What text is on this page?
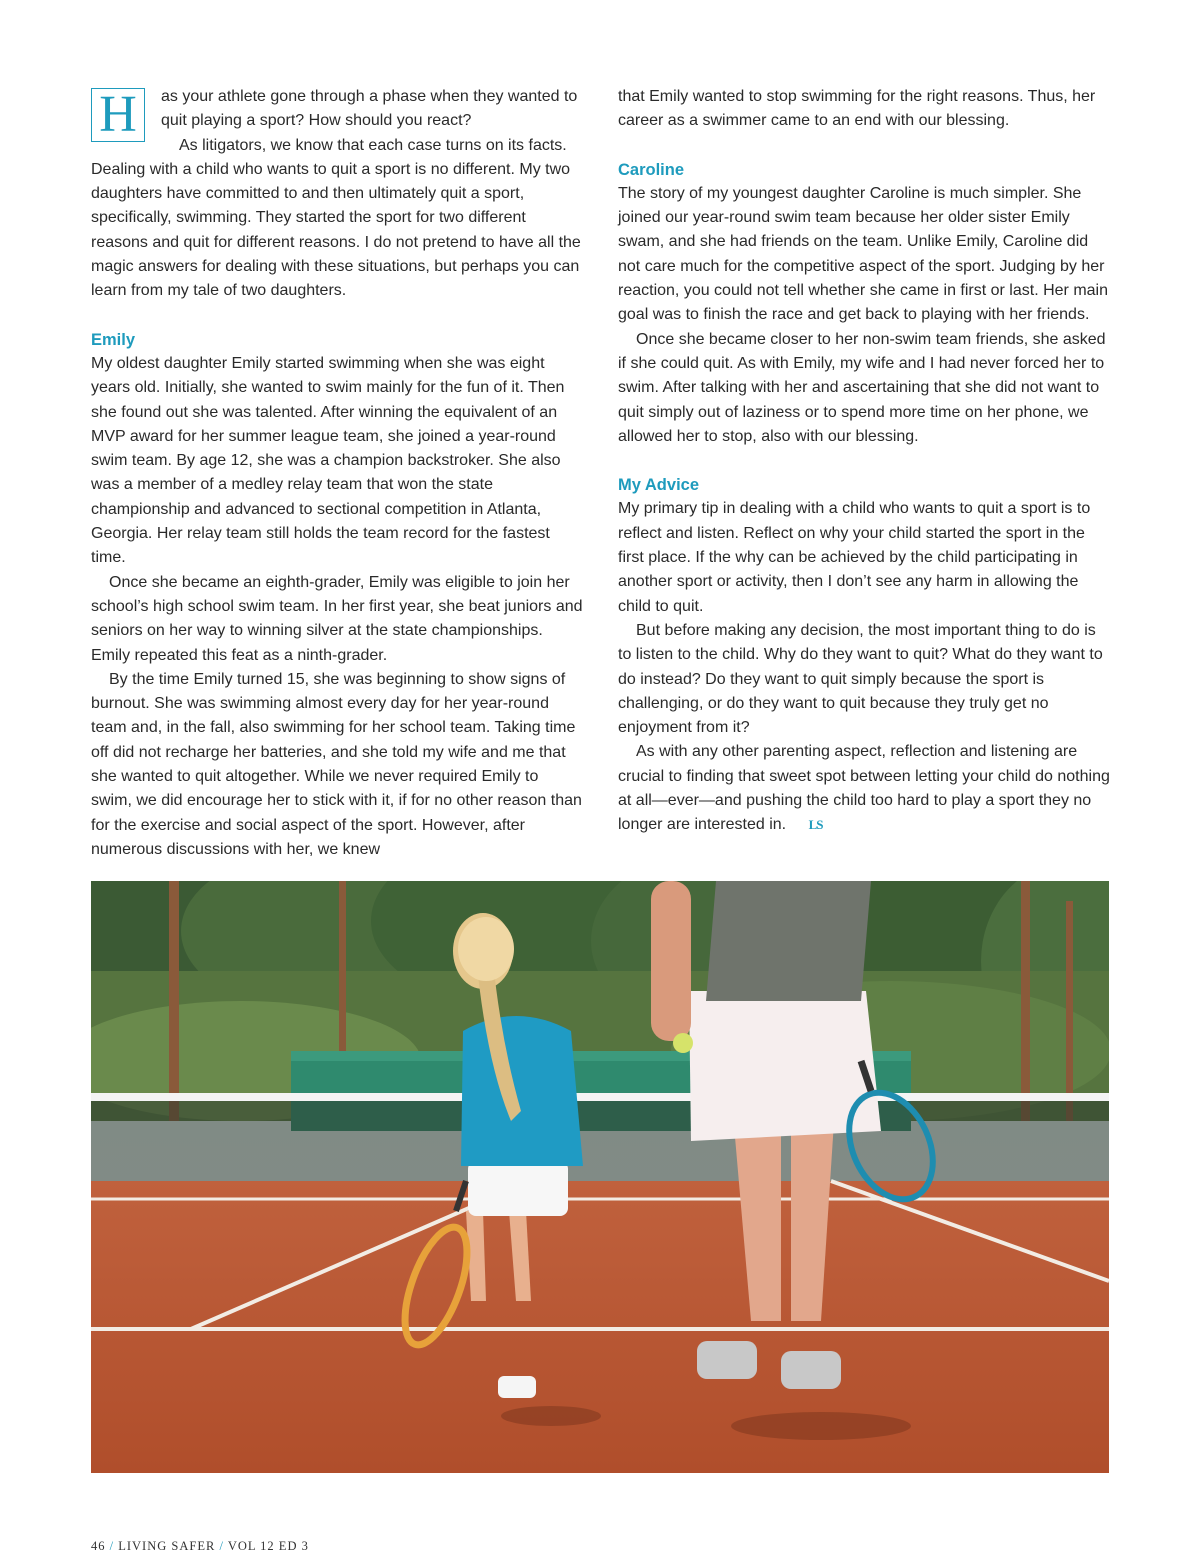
H	as your athlete gone through a phase when they wanted to quit playing a sport? How should you react?

As litigators, we know that each case turns on its facts. Dealing with a child who wants to quit a sport is no different. My two daughters have committed to and then ultimately quit a sport, specifically, swimming. They started the sport for two different reasons and quit for different reasons. I do not pretend to have all the magic answers for dealing with these situations, but perhaps you can learn from my tale of two daughters.

Emily

My oldest daughter Emily started swimming when she was eight years old. Initially, she wanted to swim mainly for the fun of it. Then she found out she was talented. After winning the equivalent of an MVP award for her summer league team, she joined a year-round swim team. By age 12, she was a champion backstroker. She also was a member of a medley relay team that won the state championship and advanced to sectional competition in Atlanta, Georgia. Her relay team still holds the team record for the fastest time.

Once she became an eighth-grader, Emily was eligible to join her school’s high school swim team. In her first year, she beat juniors and seniors on her way to winning silver at the state championships. Emily repeated this feat as a ninth-grader.

By the time Emily turned 15, she was beginning to show signs of burnout. She was swimming almost every day for her year-round team and, in the fall, also swimming for her school team. Taking time off did not recharge her batteries, and she told my wife and me that she wanted to quit altogether. While we never required Emily to swim, we did encourage her to stick with it, if for no other reason than for the exercise and social aspect of the sport. However, after numerous discussions with her, we knew

that Emily wanted to stop swimming for the right reasons. Thus, her career as a swimmer came to an end with our blessing.

Caroline

The story of my youngest daughter Caroline is much simpler. She joined our year-round swim team because her older sister Emily swam, and she had friends on the team. Unlike Emily, Caroline did not care much for the competitive aspect of the sport. Judging by her reaction, you could not tell whether she came in first or last. Her main goal was to finish the race and get back to playing with her friends.

Once she became closer to her non-swim team friends, she asked if she could quit. As with Emily, my wife and I had never forced her to swim. After talking with her and ascertaining that she did not want to quit simply out of laziness or to spend more time on her phone, we allowed her to stop, also with our blessing.

My Advice

My primary tip in dealing with a child who wants to quit a sport is to reflect and listen. Reflect on why your child started the sport in the first place. If the why can be achieved by the child participating in another sport or activity, then I don’t see any harm in allowing the child to quit.

But before making any decision, the most important thing to do is to listen to the child. Why do they want to quit? What do they want to do instead? Do they want to quit simply because the sport is challenging, or do they want to quit because they truly get no enjoyment from it?

As with any other parenting aspect, reflection and listening are crucial to finding that sweet spot between letting your child do nothing at all—ever—and pushing the child too hard to play a sport they no longer are interested in. LS

46 / LIVING SAFER / VOL 12 ED 3
